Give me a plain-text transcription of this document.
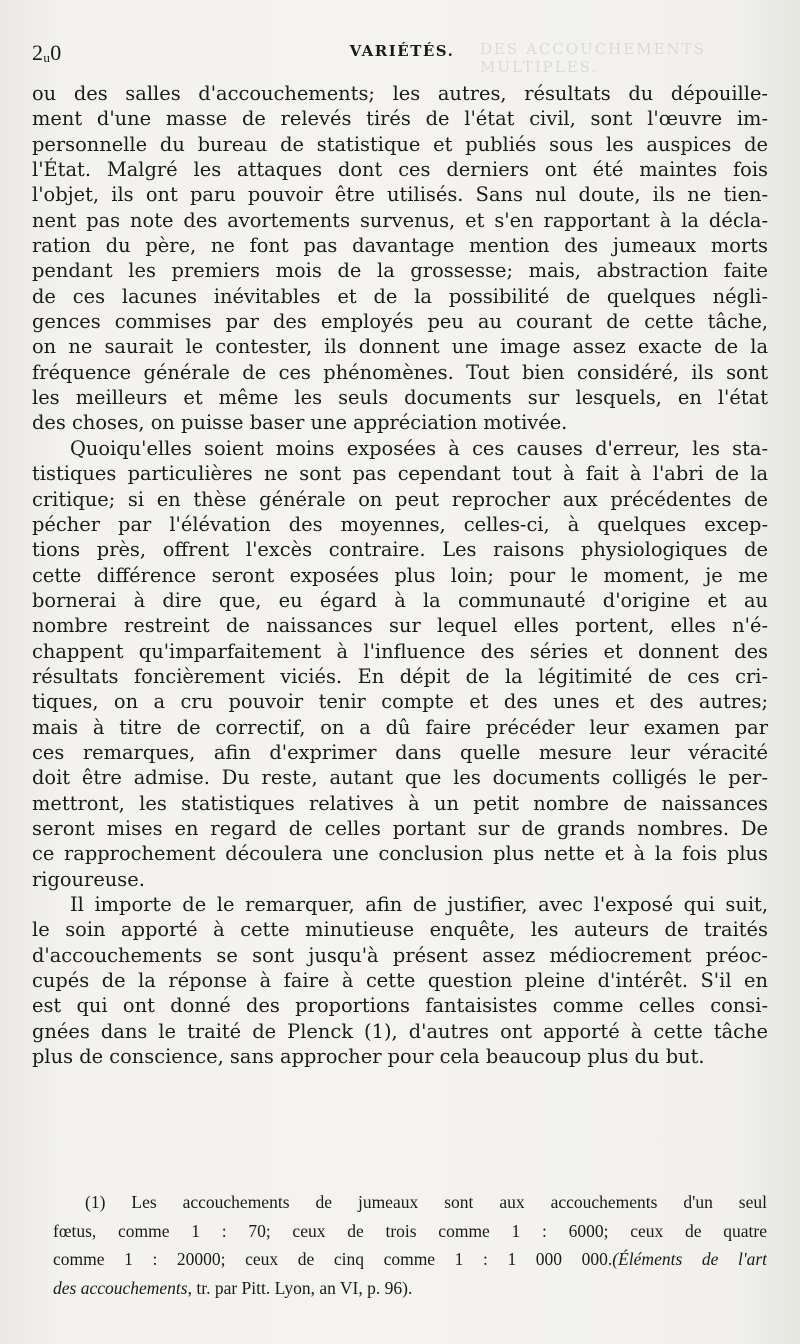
DES ACCOUCHEMENTS MULTIPLES.
2ᵤ0	VARIÉTÉS.
ou des salles d'accouchements; les autres, résultats du dépouille-
ment d'une masse de relevés tirés de l'état civil, sont l'œuvre im-
personnelle du bureau de statistique et publiés sous les auspices de
l'État. Malgré les attaques dont ces derniers ont été maintes fois
l'objet, ils ont paru pouvoir être utilisés. Sans nul doute, ils ne tien-
nent pas note des avortements survenus, et s'en rapportant à la décla-
ration du père, ne font pas davantage mention des jumeaux morts
pendant les premiers mois de la grossesse; mais, abstraction faite
de ces lacunes inévitables et de la possibilité de quelques négli-
gences commises par des employés peu au courant de cette tâche,
on ne saurait le contester, ils donnent une image assez exacte de la
fréquence générale de ces phénomènes. Tout bien considéré, ils sont
les meilleurs et même les seuls documents sur lesquels, en l'état
des choses, on puisse baser une appréciation motivée.
Quoiqu'elles soient moins exposées à ces causes d'erreur, les sta-
tistiques particulières ne sont pas cependant tout à fait à l'abri de la
critique; si en thèse générale on peut reprocher aux précédentes de
pécher par l'élévation des moyennes, celles-ci, à quelques excep-
tions près, offrent l'excès contraire. Les raisons physiologiques de
cette différence seront exposées plus loin; pour le moment, je me
bornerai à dire que, eu égard à la communauté d'origine et au
nombre restreint de naissances sur lequel elles portent, elles n'é-
chappent qu'imparfaitement à l'influence des séries et donnent des
résultats foncièrement viciés. En dépit de la légitimité de ces cri-
tiques, on a cru pouvoir tenir compte et des unes et des autres;
mais à titre de correctif, on a dû faire précéder leur examen par
ces remarques, afin d'exprimer dans quelle mesure leur véracité
doit être admise. Du reste, autant que les documents colligés le per-
mettront, les statistiques relatives à un petit nombre de naissances
seront mises en regard de celles portant sur de grands nombres. De
ce rapprochement découlera une conclusion plus nette et à la fois plus
rigoureuse.
Il importe de le remarquer, afin de justifier, avec l'exposé qui suit,
le soin apporté à cette minutieuse enquête, les auteurs de traités
d'accouchements se sont jusqu'à présent assez médiocrement préoc-
cupés de la réponse à faire à cette question pleine d'intérêt. S'il en
est qui ont donné des proportions fantaisistes comme celles consi-
gnées dans le traité de Plenck (1), d'autres ont apporté à cette tâche
plus de conscience, sans approcher pour cela beaucoup plus du but.
(1) Les accouchements de jumeaux sont aux accouchements d'un seul
fœtus, comme 1 : 70; ceux de trois comme 1 : 6000; ceux de quatre
comme 1 : 20000; ceux de cinq comme 1 : 1 000 000.(Éléments de l'art
des accouchements, tr. par Pitt. Lyon, an VI, p. 96).
